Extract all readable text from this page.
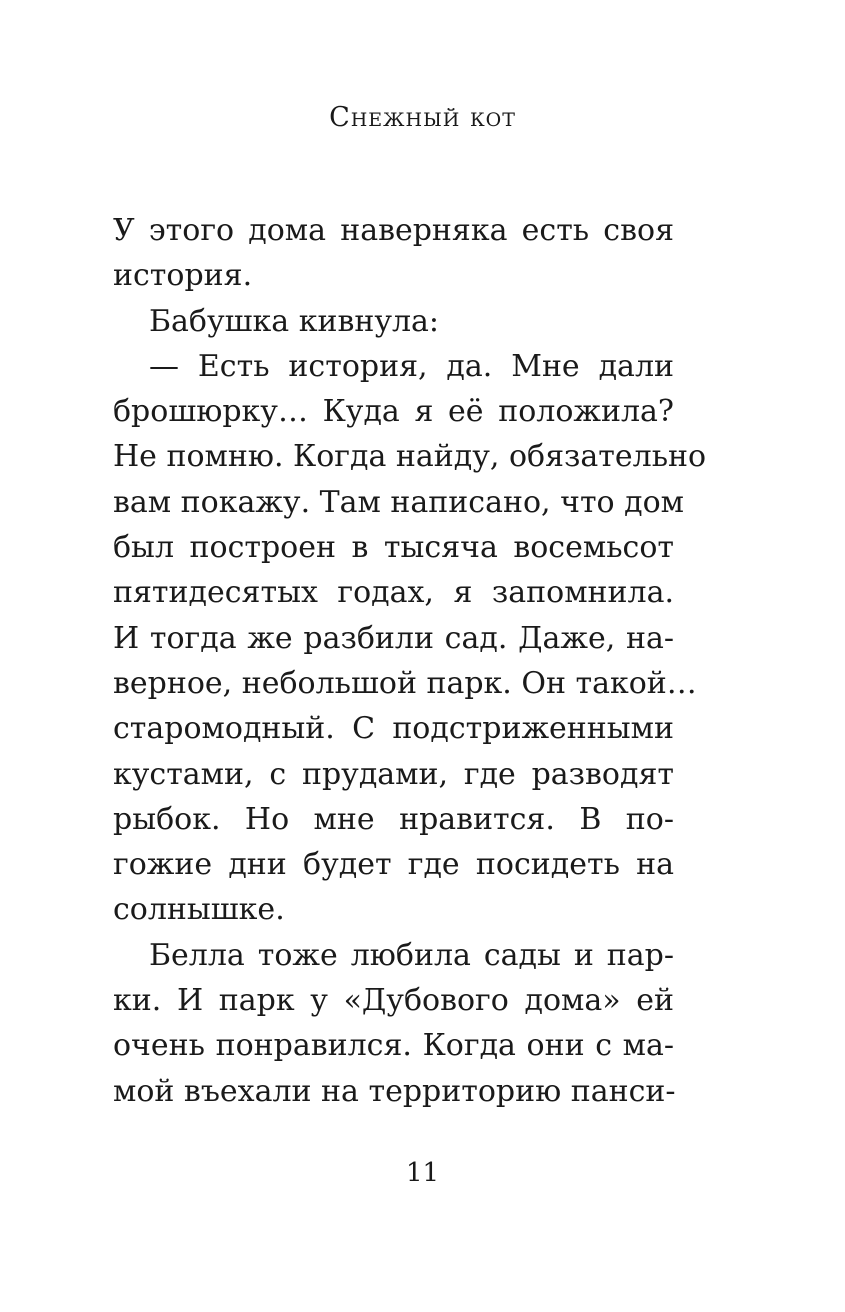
Снежный кот
У этого дома наверняка есть своя
история.
Бабушка кивнула:
— Есть история, да. Мне дали
брошюрку… Куда я её положила?
Не помню. Когда найду, обязательно
вам покажу. Там написано, что дом
был построен в тысяча восемьсот
пятидесятых годах, я запомнила.
И тогда же разбили сад. Даже, на-
верное, небольшой парк. Он такой…
старомодный. С подстриженными
кустами, с прудами, где разводят
рыбок. Но мне нравится. В по-
гожие дни будет где посидеть на
солнышке.
Белла тоже любила сады и пар-
ки. И парк у «Дубового дома» ей
очень понравился. Когда они с ма-
мой въехали на территорию панси-
11
